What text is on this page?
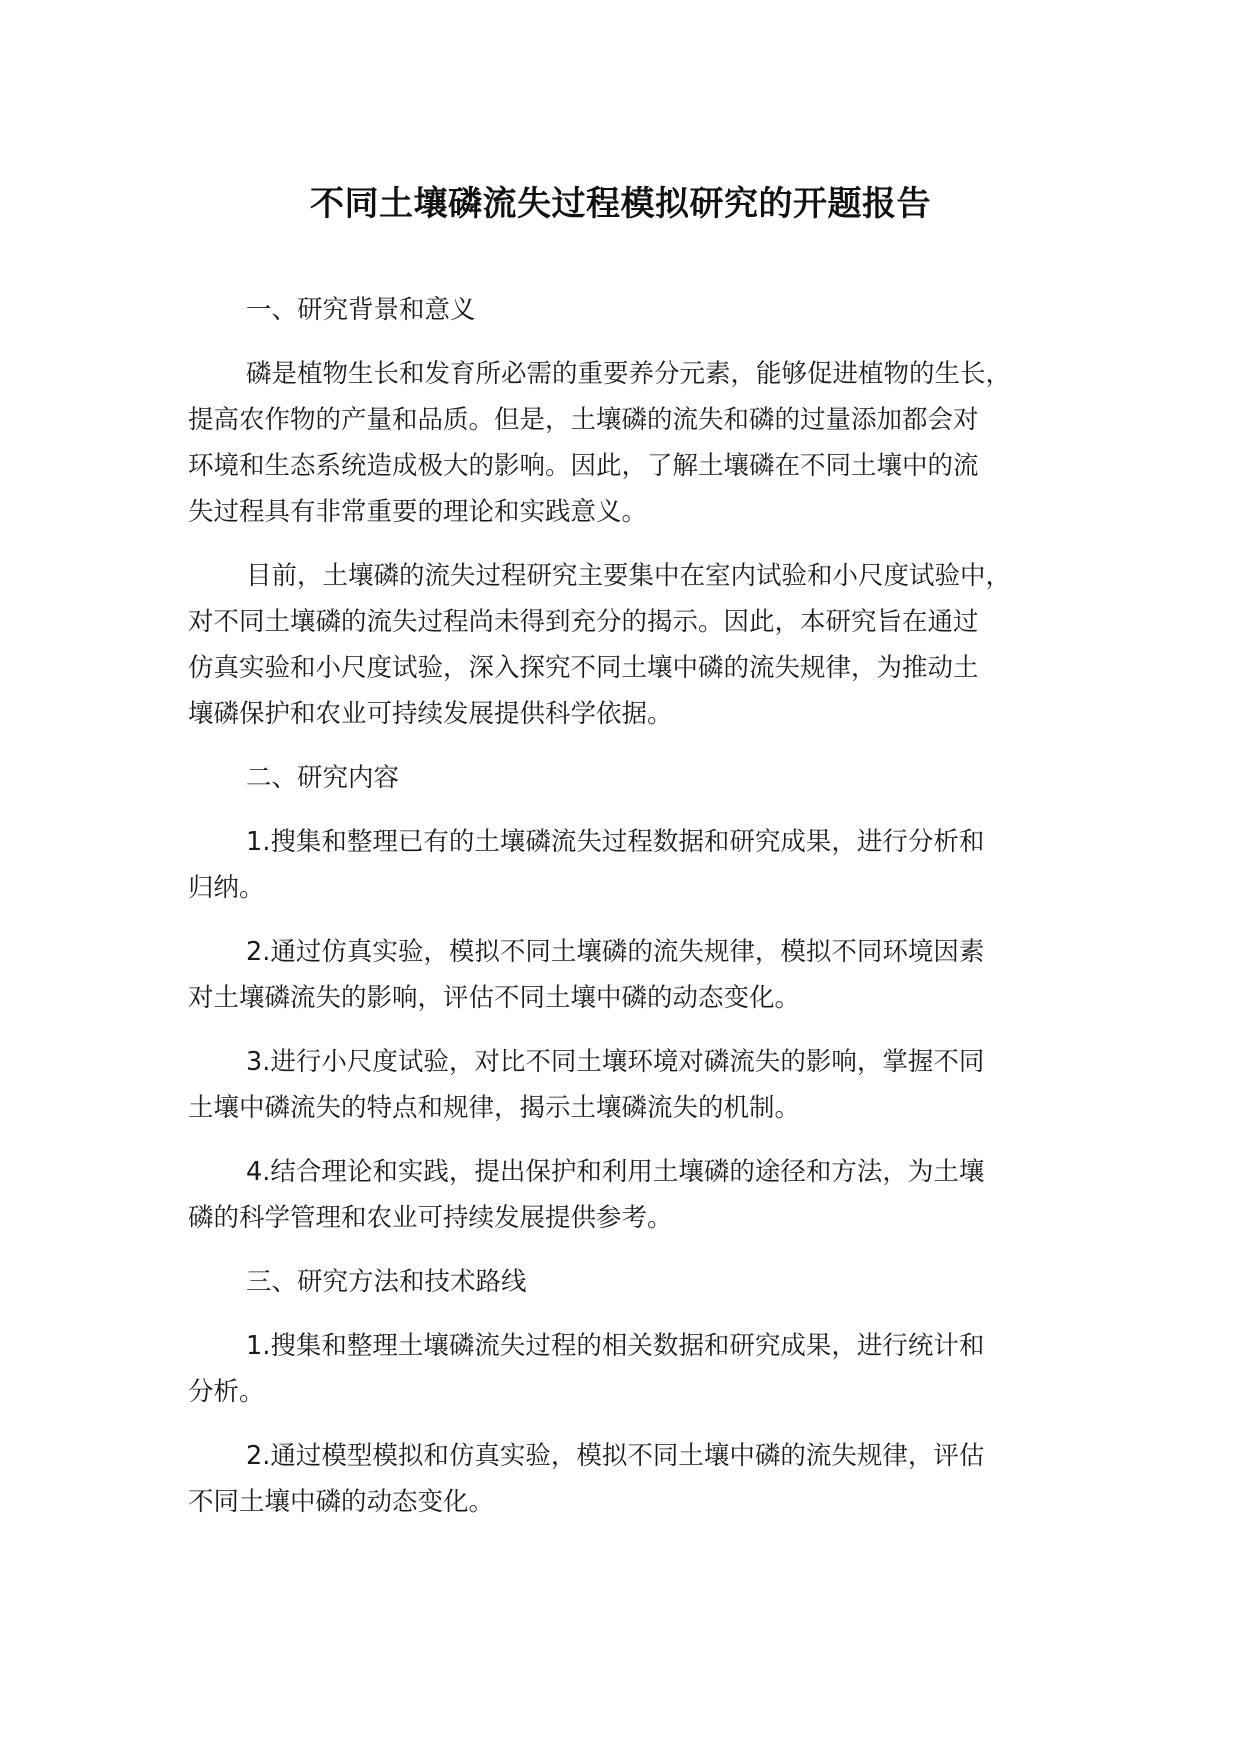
不同土壤磷流失过程模拟研究的开题报告
一、研究背景和意义
磷是植物生长和发育所必需的重要养分元素，能够促进植物的生长，
提高农作物的产量和品质。但是，土壤磷的流失和磷的过量添加都会对
环境和生态系统造成极大的影响。因此，了解土壤磷在不同土壤中的流
失过程具有非常重要的理论和实践意义。
目前，土壤磷的流失过程研究主要集中在室内试验和小尺度试验中，
对不同土壤磷的流失过程尚未得到充分的揭示。因此，本研究旨在通过
仿真实验和小尺度试验，深入探究不同土壤中磷的流失规律，为推动土
壤磷保护和农业可持续发展提供科学依据。
二、研究内容
1.搜集和整理已有的土壤磷流失过程数据和研究成果，进行分析和
归纳。
2.通过仿真实验，模拟不同土壤磷的流失规律，模拟不同环境因素
对土壤磷流失的影响，评估不同土壤中磷的动态变化。
3.进行小尺度试验，对比不同土壤环境对磷流失的影响，掌握不同
土壤中磷流失的特点和规律，揭示土壤磷流失的机制。
4.结合理论和实践，提出保护和利用土壤磷的途径和方法，为土壤
磷的科学管理和农业可持续发展提供参考。
三、研究方法和技术路线
1.搜集和整理土壤磷流失过程的相关数据和研究成果，进行统计和
分析。
2.通过模型模拟和仿真实验，模拟不同土壤中磷的流失规律，评估
不同土壤中磷的动态变化。
